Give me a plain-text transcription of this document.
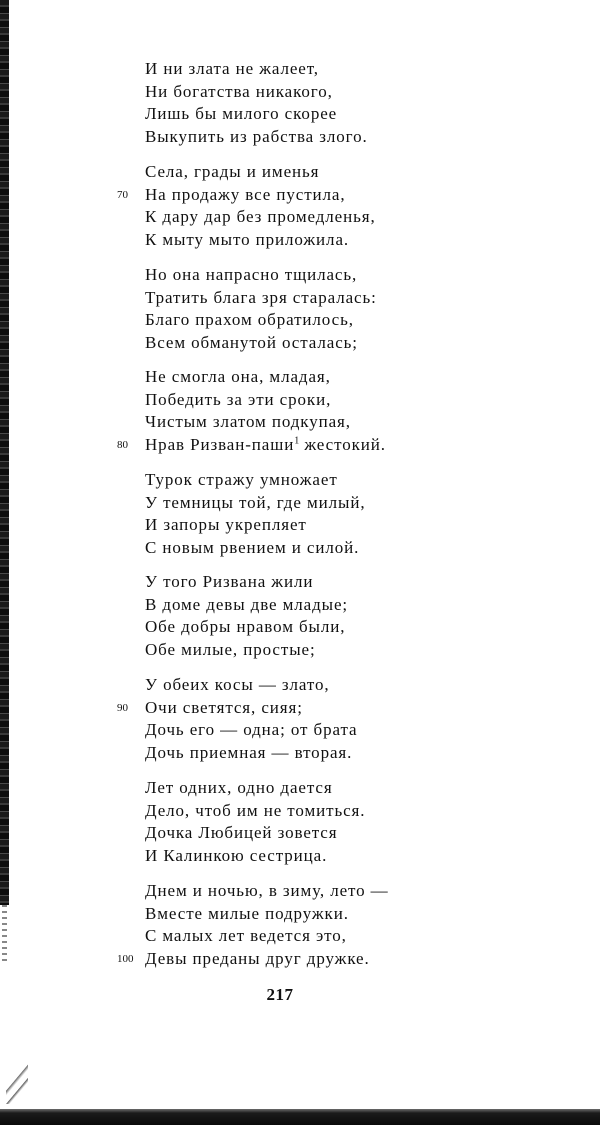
И ни злата не жалеет,
Ни богатства никакого,
Лишь бы милого скорее
Выкупить из рабства злого.
Села, грады и именья
70 На продажу все пустила,
К дару дар без промедленья,
К мыту мыто приложила.
Но она напрасно тщилась,
Тратить блага зря старалась:
Благо прахом обратилось,
Всем обманутой осталась;
Не смогла она, младая,
Победить за эти сроки,
Чистым златом подкупая,
80 Нрав Ризван-паши$^1$ жестокий.
Турок стражу умножает
У темницы той, где милый,
И запоры укрепляет
С новым рвением и силой.
У того Ризвана жили
В доме девы две младые;
Обе добры нравом были,
Обе милые, простые;
У обеих косы — злато,
90 Очи светятся, сияя;
Дочь его — одна; от брата
Дочь приемная — вторая.
Лет одних, одно дается
Дело, чтоб им не томиться.
Дочка Любицей зовется
И Калинкою сестрица.
Днем и ночью, в зиму, лето —
Вместе милые подружки.
С малых лет ведется это,
100 Девы преданы друг дружке.
217
